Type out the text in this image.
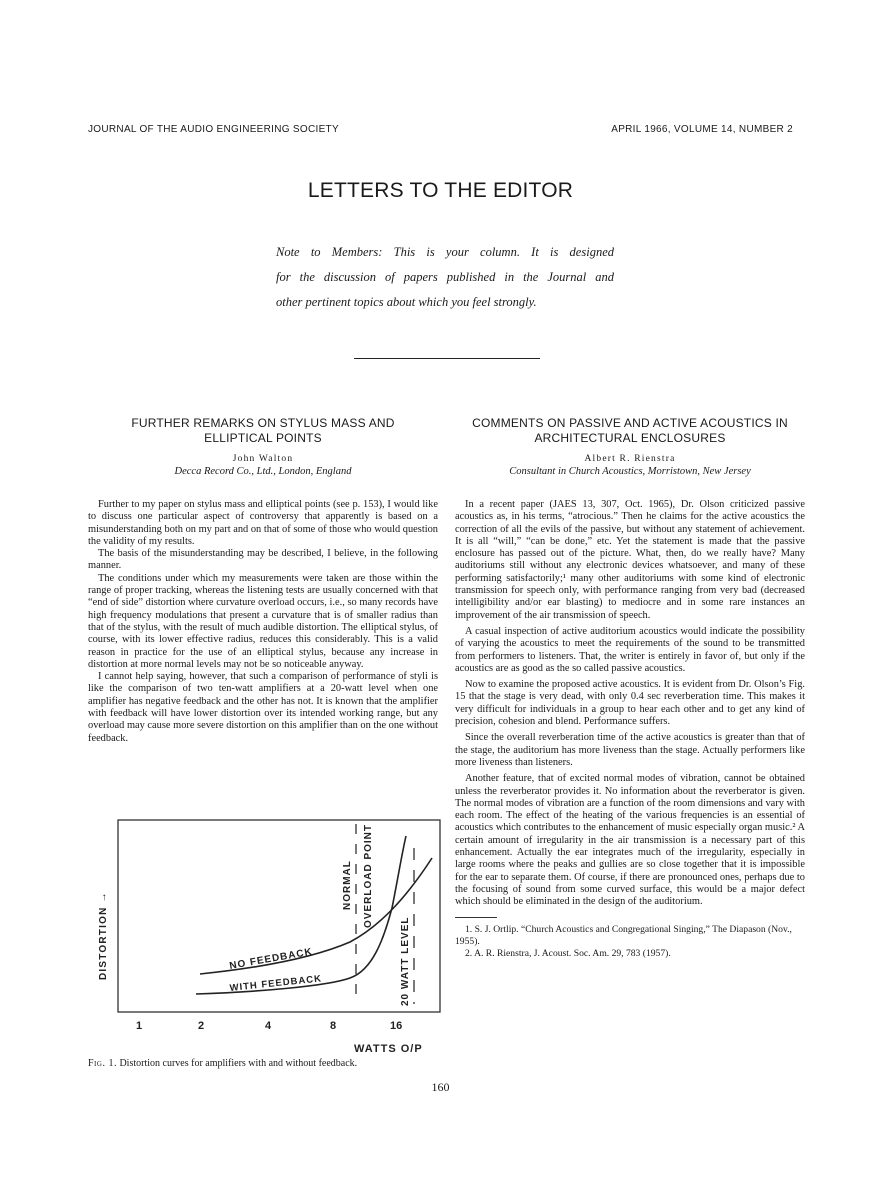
JOURNAL OF THE AUDIO ENGINEERING SOCIETY	APRIL 1966, VOLUME 14, NUMBER 2
LETTERS TO THE EDITOR

Note to Members: This is your column. It is designed

for the discussion of papers published in the Journal and

other pertinent topics about which you feel strongly.

FURTHER REMARKS ON STYLUS MASS AND
ELLIPTICAL POINTS
John Walton
Decca Record Co., Ltd., London, England

Further to my paper on stylus mass and elliptical points (see p. 153), I would like to discuss one particular aspect of controversy that apparently is based on a misunderstanding both on my part and on that of some of those who would question the validity of my results.

The basis of the misunderstanding may be described, I believe, in the following manner.

The conditions under which my measurements were taken are those within the range of proper tracking, whereas the listening tests are usually concerned with that “end of side” distortion where curvature overload occurs, i.e., so many records have high frequency modulations that present a curvature that is of smaller radius than that of the stylus, with the result of much audible distortion. The elliptical stylus, of course, with its lower effective radius, reduces this considerably. This is a valid reason in practice for the use of an elliptical stylus, because any increase in distortion at more normal levels may not be so noticeable anyway.

I cannot help saying, however, that such a comparison of performance of styli is like the comparison of two ten-watt amplifiers at a 20-watt level when one amplifier has negative feedback and the other has not. It is known that the amplifier with feedback will have lower distortion over its intended working range, but any overload may cause more severe distortion on this amplifier than on the one without feedback.

NO FEEDBACK
WITH FEEDBACK
NORMAL OVERLOAD POINT
20 WATT LEVEL
DISTORTION →
1	2	4	8	16
WATTS O/P
Fig. 1. Distortion curves for amplifiers with and without feedback.
COMMENTS ON PASSIVE AND ACTIVE ACOUSTICS IN
ARCHITECTURAL ENCLOSURES
Albert R. Rienstra
Consultant in Church Acoustics, Morristown, New Jersey

In a recent paper (JAES 13, 307, Oct. 1965), Dr. Olson criticized passive acoustics as, in his terms, “atrocious.” Then he claims for the active acoustics the correction of all the evils of the passive, but without any statement of achievement. It is all “will,” “can be done,” etc. Yet the statement is made that the passive enclosure has passed out of the picture. What, then, do we really have? Many auditoriums still without any electronic devices whatsoever, and many of these performing satisfactorily;¹ many other auditoriums with some kind of electronic transmission for speech only, with performance ranging from very bad (decreased intelligibility and/or ear blasting) to mediocre and in some rare instances an improvement of the air transmission of speech.

A casual inspection of active auditorium acoustics would indicate the possibility of varying the acoustics to meet the requirements of the sound to be transmitted from performers to listeners. That, the writer is entirely in favor of, but only if the acoustics are as good as the so called passive acoustics.

Now to examine the proposed active acoustics. It is evident from Dr. Olson’s Fig. 15 that the stage is very dead, with only 0.4 sec reverberation time. This makes it very difficult for individuals in a group to hear each other and to get any kind of precision, cohesion and blend. Performance suffers.

Since the overall reverberation time of the active acoustics is greater than that of the stage, the auditorium has more liveness than the stage. Actually performers like more liveness than listeners.

Another feature, that of excited normal modes of vibration, cannot be obtained unless the reverberator provides it. No information about the reverberator is given. The normal modes of vibration are a function of the room dimensions and vary with each room. The effect of the heating of the various frequencies is an essential of acoustics which contributes to the enhancement of music especially organ music.² A certain amount of irregularity in the air transmission is a necessary part of this enhancement. Actually the ear integrates much of the irregularity, especially in large rooms where the peaks and gullies are so close together that it is impossible for the ear to separate them. Of course, if there are pronounced ones, perhaps due to the focusing of sound from some curved surface, this would be a major defect which should be eliminated in the design of the auditorium.

1. S. J. Ortlip. “Church Acoustics and Congregational Singing,” The Diapason (Nov., 1955).

2. A. R. Rienstra, J. Acoust. Soc. Am. 29, 783 (1957).

160
